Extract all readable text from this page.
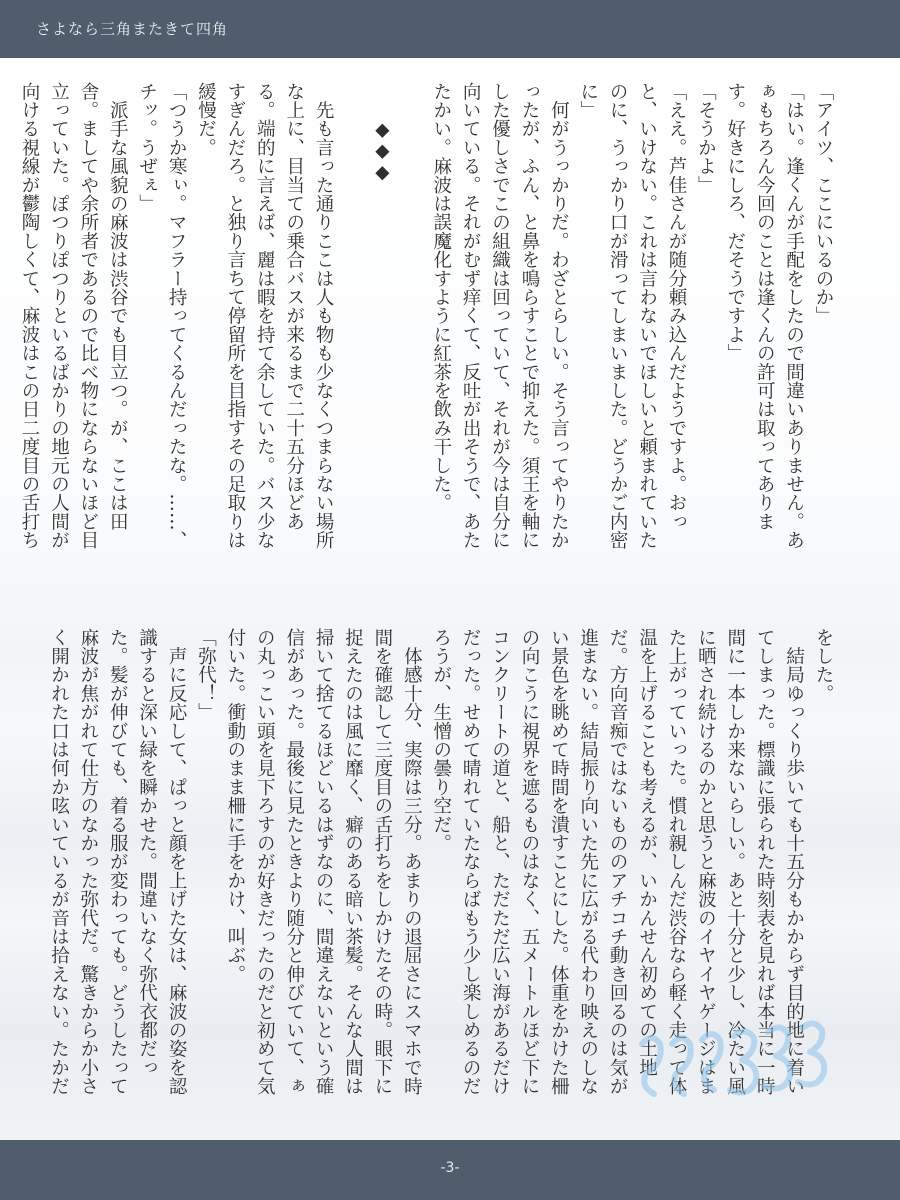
さよなら三角またきて四角
「アイツ、ここにいるのか」
「はい。逢くんが手配をしたので間違いありません。あ
ぁもちろん今回のことは逢くんの許可は取ってありま
す。好きにしろ、だそうですよ」
「そうかよ」
「ええ。芦佳さんが随分頼み込んだようですよ。おっ
と、いけない。これは言わないでほしいと頼まれていた
のに、うっかり口が滑ってしまいました。どうかご内密
に」
　何がうっかりだ。わざとらしい。そう言ってやりたか
ったが、ふん、と鼻を鳴らすことで抑えた。須王を軸に
した優しさでこの組織は回っていて、それが今は自分に
向いている。それがむず痒くて、反吐が出そうで、あた
たかい。麻波は誤魔化すように紅茶を飲み干した。

　　◆◆◆

　先も言った通りここは人も物も少なくつまらない場所
な上に、目当ての乗合バスが来るまで二十五分ほどあ
る。端的に言えば、麗は暇を持て余していた。バス少な
すぎんだろ。と独り言ちて停留所を目指すその足取りは
緩慢だ。
「つうか寒ぃ。マフラー持ってくるんだったな。……、
チッ。うぜぇ」
　派手な風貌の麻波は渋谷でも目立つ。が、ここは田
舎。ましてや余所者であるので比べ物にならないほど目
立っていた。ぽつりぽつりといるばかりの地元の人間が
向ける視線が鬱陶しくて、麻波はこの日二度目の舌打ち
をした。
　結局ゆっくり歩いても十五分もかからず目的地に着い
てしまった。標識に張られた時刻表を見れば本当に一時
間に一本しか来ないらしい。あと十分と少し、冷たい風
に晒され続けるのかと思うと麻波のイヤイヤゲージはま
た上がっていった。慣れ親しんだ渋谷なら軽く走って体
温を上げることも考えるが、いかんせん初めての土地
だ。方向音痴ではないもののアチコチ動き回るのは気が
進まない。結局振り向いた先に広がる代わり映えのしな
い景色を眺めて時間を潰すことにした。体重をかけた柵
の向こうに視界を遮るものはなく、五メートルほど下に
コンクリートの道と、船と、ただただ広い海があるだけ
だった。せめて晴れていたならばもう少し楽しめるのだ
ろうが、生憎の曇り空だ。
　体感十分、実際は三分。あまりの退屈さにスマホで時
間を確認して三度目の舌打ちをしかけたその時。眼下に
捉えたのは風に靡く、癖のある暗い茶髪。そんな人間は
掃いて捨てるほどいるはずなのに、間違えないという確
信があった。最後に見たときより随分と伸びていて、ぁ
の丸っこい頭を見下ろすのが好きだったのだと初めて気
付いた。衝動のまま柵に手をかけ、叫ぶ。
「弥代！」
　声に反応して、ぱっと顔を上げた女は、麻波の姿を認
識すると深い緑を瞬かせた。間違いなく弥代衣都だっ
た。髪が伸びても、着る服が変わっても。どうしたって
麻波が焦がれて仕方のなかった弥代だ。驚きからか小さ
く開かれた口は何か呟いているが音は拾えない。たかだ
-3-
